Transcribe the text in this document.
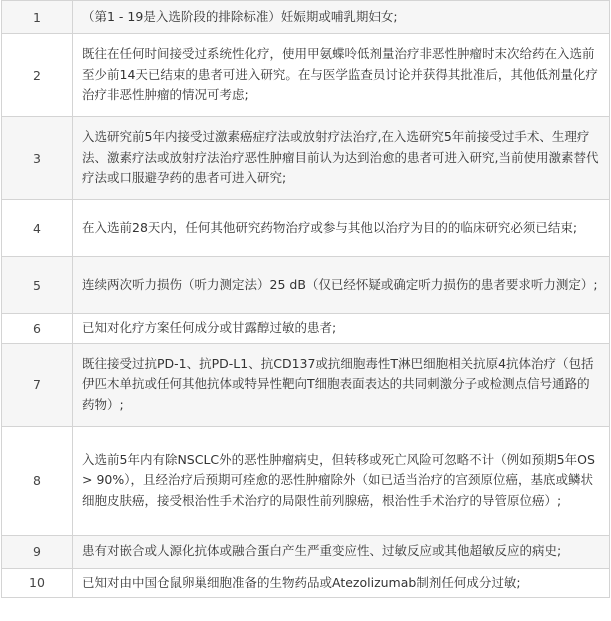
1	（第1 - 19是入选阶段的排除标准）妊娠期或哺乳期妇女;
2	既往在任何时间接受过系统性化疗，使用甲氨蝶呤低剂量治疗非恶性肿瘤时末次给药在入选前至少前14天已结束的患者可进入研究。在与医学监查员讨论并获得其批准后，其他低剂量化疗治疗非恶性肿瘤的情况可考虑;
3	入选研究前5年内接受过激素癌症疗法或放射疗法治疗,在入选研究5年前接受过手术、生理疗法、激素疗法或放射疗法治疗恶性肿瘤目前认为达到治愈的患者可进入研究,当前使用激素替代疗法或口服避孕药的患者可进入研究;
4	在入选前28天内，任何其他研究药物治疗或参与其他以治疗为目的的临床研究必须已结束;
5	连续两次听力损伤（听力测定法）25 dB（仅已经怀疑或确定听力损伤的患者要求听力测定）;
6	已知对化疗方案任何成分或甘露醇过敏的患者;
7	既往接受过抗PD-1、抗PD-L1、抗CD137或抗细胞毒性T淋巴细胞相关抗原4抗体治疗（包括伊匹木单抗或任何其他抗体或特异性靶向T细胞表面表达的共同刺激分子或检测点信号通路的药物）;
8	入选前5年内有除NSCLC外的恶性肿瘤病史，但转移或死亡风险可忽略不计（例如预期5年OS > 90%），且经治疗后预期可痊愈的恶性肿瘤除外（如已适当治疗的宫颈原位癌，基底或鳞状细胞皮肤癌，接受根治性手术治疗的局限性前列腺癌，根治性手术治疗的导管原位癌）;
9	患有对嵌合或人源化抗体或融合蛋白产生严重变应性、过敏反应或其他超敏反应的病史;
10	已知对由中国仓鼠卵巢细胞准备的生物药品或Atezolizumab制剂任何成分过敏;
